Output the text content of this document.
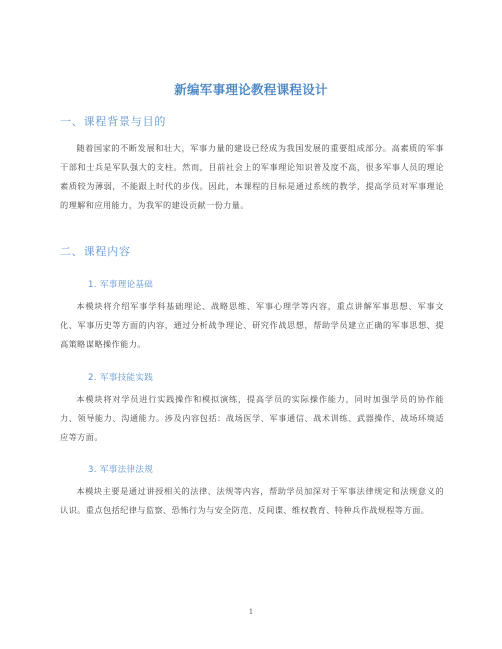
新编军事理论教程课程设计
一、课程背景与目的
随着国家的不断发展和壮大，军事力量的建设已经成为我国发展的重要组成部分。高素质的军事干部和士兵是军队强大的支柱。然而，目前社会上的军事理论知识普及度不高，很多军事人员的理论素质较为薄弱，不能跟上时代的步伐。因此，本课程的目标是通过系统的教学，提高学员对军事理论的理解和应用能力，为我军的建设贡献一份力量。
二、课程内容
1. 军事理论基础
本模块将介绍军事学科基础理论、战略思维、军事心理学等内容，重点讲解军事思想、军事文化、军事历史等方面的内容，通过分析战争理论、研究作战思想，帮助学员建立正确的军事思想、提高策略谋略操作能力。
2. 军事技能实践
本模块将对学员进行实践操作和模拟演练，提高学员的实际操作能力，同时加强学员的协作能力、领导能力、沟通能力。涉及内容包括：战场医学、军事通信、战术训练、武器操作、战场环境适应等方面。
3. 军事法律法规
本模块主要是通过讲授相关的法律、法规等内容，帮助学员加深对于军事法律规定和法规意义的认识。重点包括纪律与监察、恐怖行为与安全防范、反间谍、维权教育、特种兵作战规程等方面。
1
